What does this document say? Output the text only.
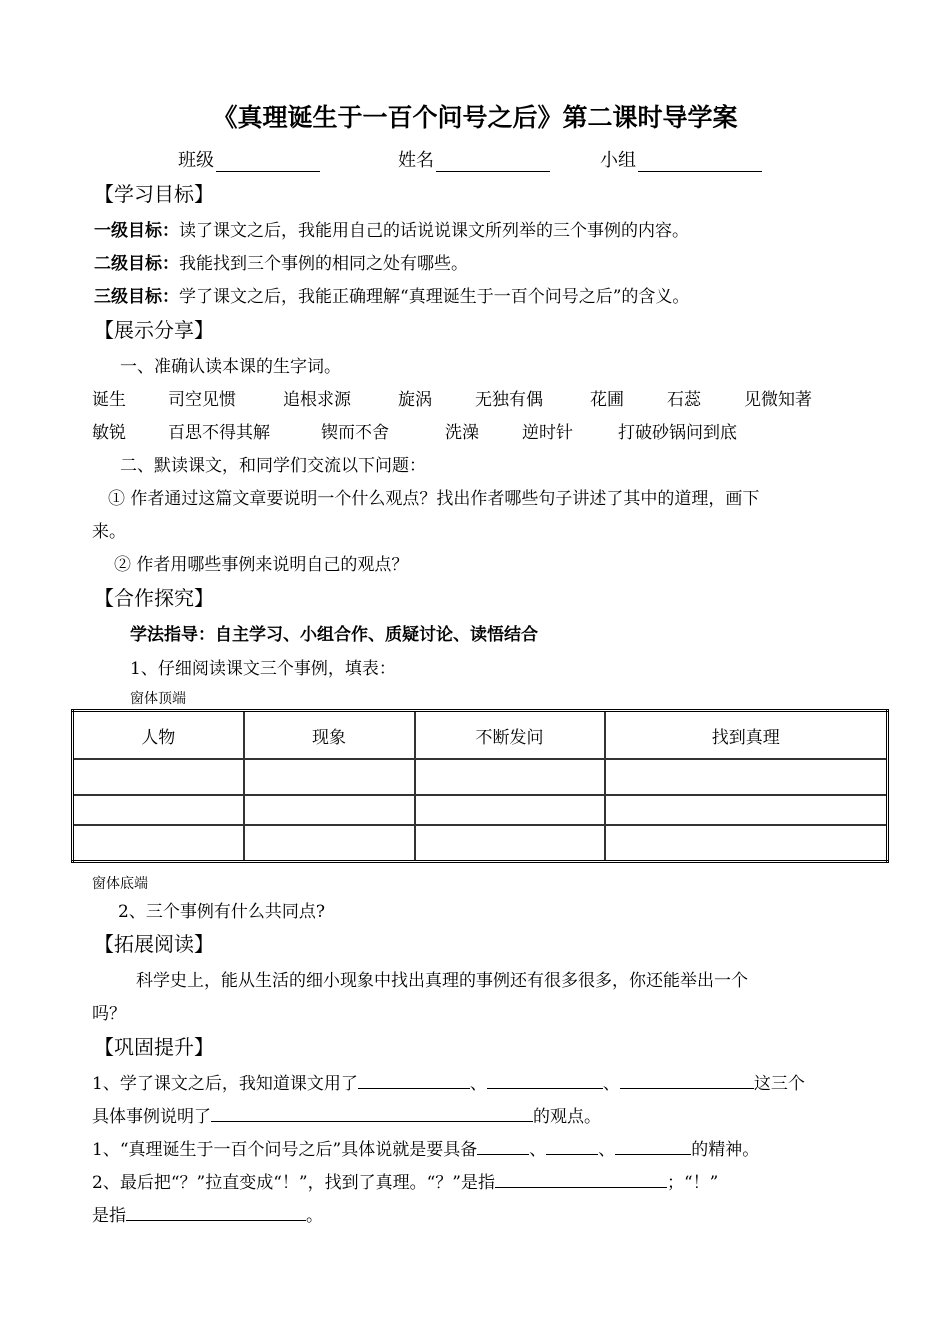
《真理诞生于一百个问号之后》第二课时导学案
班级	姓名	小组
【学习目标】
一级目标：读了课文之后，我能用自己的话说说课文所列举的三个事例的内容。
二级目标：我能找到三个事例的相同之处有哪些。
三级目标：学了课文之后，我能正确理解“真理诞生于一百个问号之后”的含义。
【展示分享】
一、准确认读本课的生字词。
诞生 司空见惯	追根求源	旋涡	无独有偶	花圃	石蕊	见微知著
敏锐 百思不得其解	锲而不舍	洗澡	逆时针	打破砂锅问到底
二、默读课文，和同学们交流以下问题：
① 作者通过这篇文章要说明一个什么观点？找出作者哪些句子讲述了其中的道理，画下
来。
② 作者用哪些事例来说明自己的观点？
【合作探究】
学法指导：自主学习、小组合作、质疑讨论、读悟结合
1、仔细阅读课文三个事例，填表：
窗体顶端
人物	现象	不断发问	找到真理

窗体底端
2、三个事例有什么共同点?
【拓展阅读】
科学史上，能从生活的细小现象中找出真理的事例还有很多很多，你还能举出一个
吗？
【巩固提升】
1、学了课文之后，我知道课文用了	、	、	这三个
具体事例说明了	的观点。
1、“真理诞生于一百个问号之后”具体说就是要具备	、	、	的精神。
2、最后把“？”拉直变成“！”，找到了真理。“？”是指	；“！”
是指	。
